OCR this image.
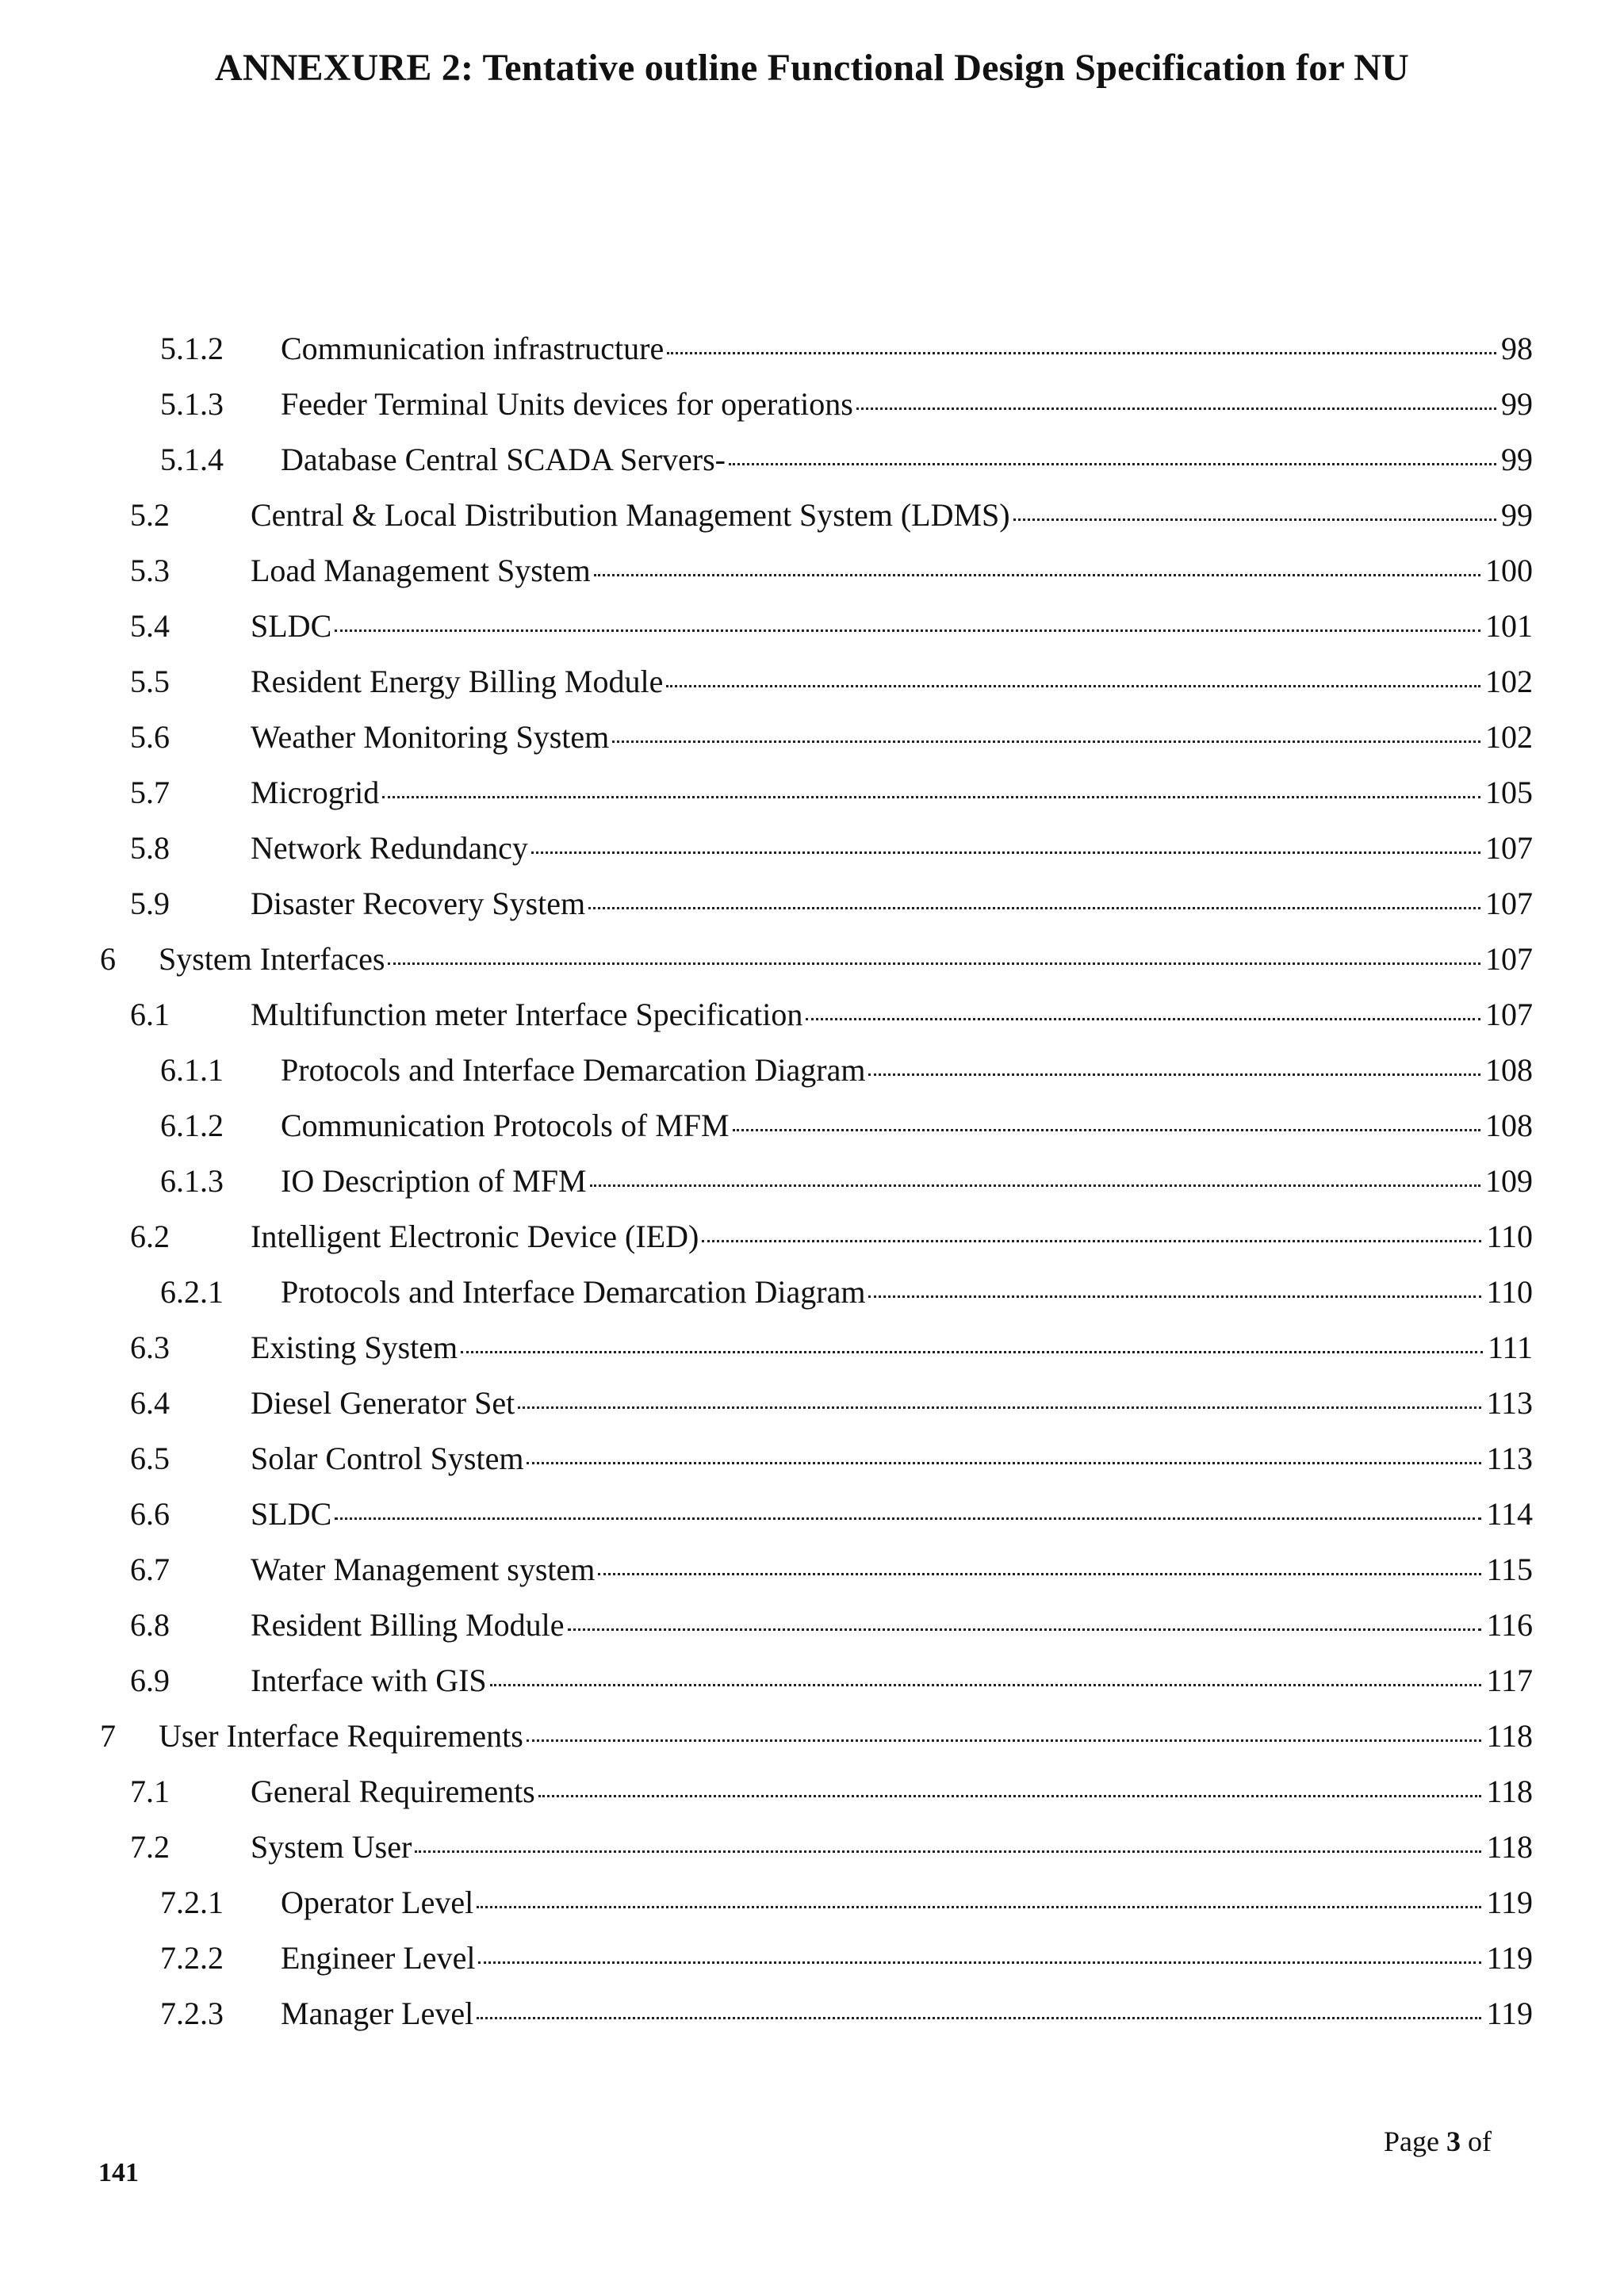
ANNEXURE 2: Tentative outline Functional Design Specification for NU
5.1.2 Communication infrastructure	98
5.1.3 Feeder Terminal Units devices for operations	99
5.1.4 Database Central SCADA Servers-	99
5.2	Central & Local Distribution Management System (LDMS)	99
5.3	Load Management System	100
5.4	SLDC	101
5.5	Resident Energy Billing Module	102
5.6	Weather Monitoring System	102
5.7	Microgrid	105
5.8	Network Redundancy	107
5.9	Disaster Recovery System	107
6 System Interfaces	107
6.1	Multifunction meter Interface Specification	107
6.1.1 Protocols and Interface Demarcation Diagram	108
6.1.2 Communication Protocols of MFM	108
6.1.3 IO Description of MFM	109
6.2	Intelligent Electronic Device (IED)	110
6.2.1 Protocols and Interface Demarcation Diagram	110
6.3	Existing System	111
6.4	Diesel Generator Set	113
6.5	Solar Control System	113
6.6	SLDC	114
6.7	Water Management system	115
6.8	Resident Billing Module	116
6.9	Interface with GIS	117
7 User Interface Requirements	118
7.1	General Requirements	118
7.2	System User	118
7.2.1 Operator Level	119
7.2.2 Engineer Level	119
7.2.3 Manager Level	119
Page 3 of
141
